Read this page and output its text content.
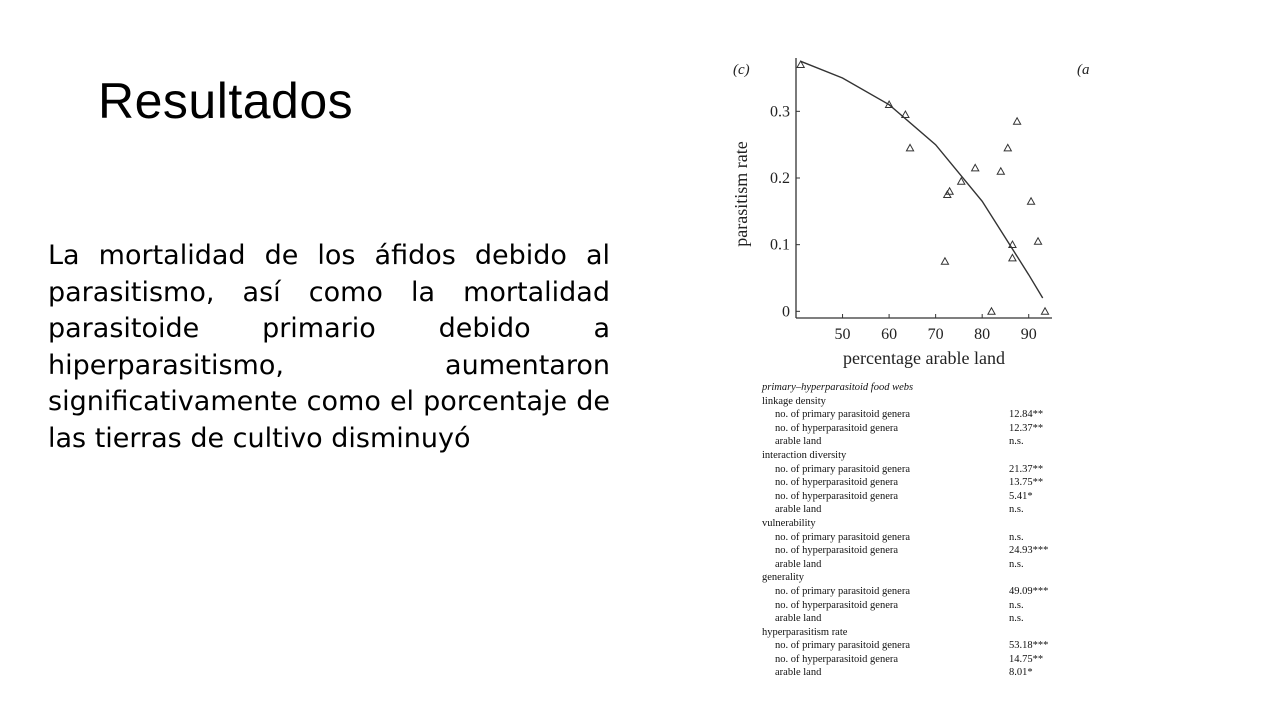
Resultados

La mortalidad de los áfidos debido al parasitismo, así como la mortalidad parasitoide primario debido a hiperparasitismo, aumentaron significativamente como el porcentaje de las tierras de cultivo disminuyó

50 60 70 80 90
0
0.1
0.2
0.3
percentage arable land
parasitism rate
(c)	(a
primary–hyperparasitoid food webs
linkage density
no. of primary parasitoid genera	12.84**
no. of hyperparasitoid genera	12.37**
arable land	n.s.
interaction diversity
no. of primary parasitoid genera	21.37**
no. of hyperparasitoid genera	13.75**
no. of hyperparasitoid genera	5.41*
arable land	n.s.
vulnerability
no. of primary parasitoid genera	n.s.
no. of hyperparasitoid genera	24.93***
arable land	n.s.
generality
no. of primary parasitoid genera	49.09***
no. of hyperparasitoid genera	n.s.
arable land	n.s.
hyperparasitism rate
no. of primary parasitoid genera	53.18***
no. of hyperparasitoid genera	14.75**
arable land	8.01*
